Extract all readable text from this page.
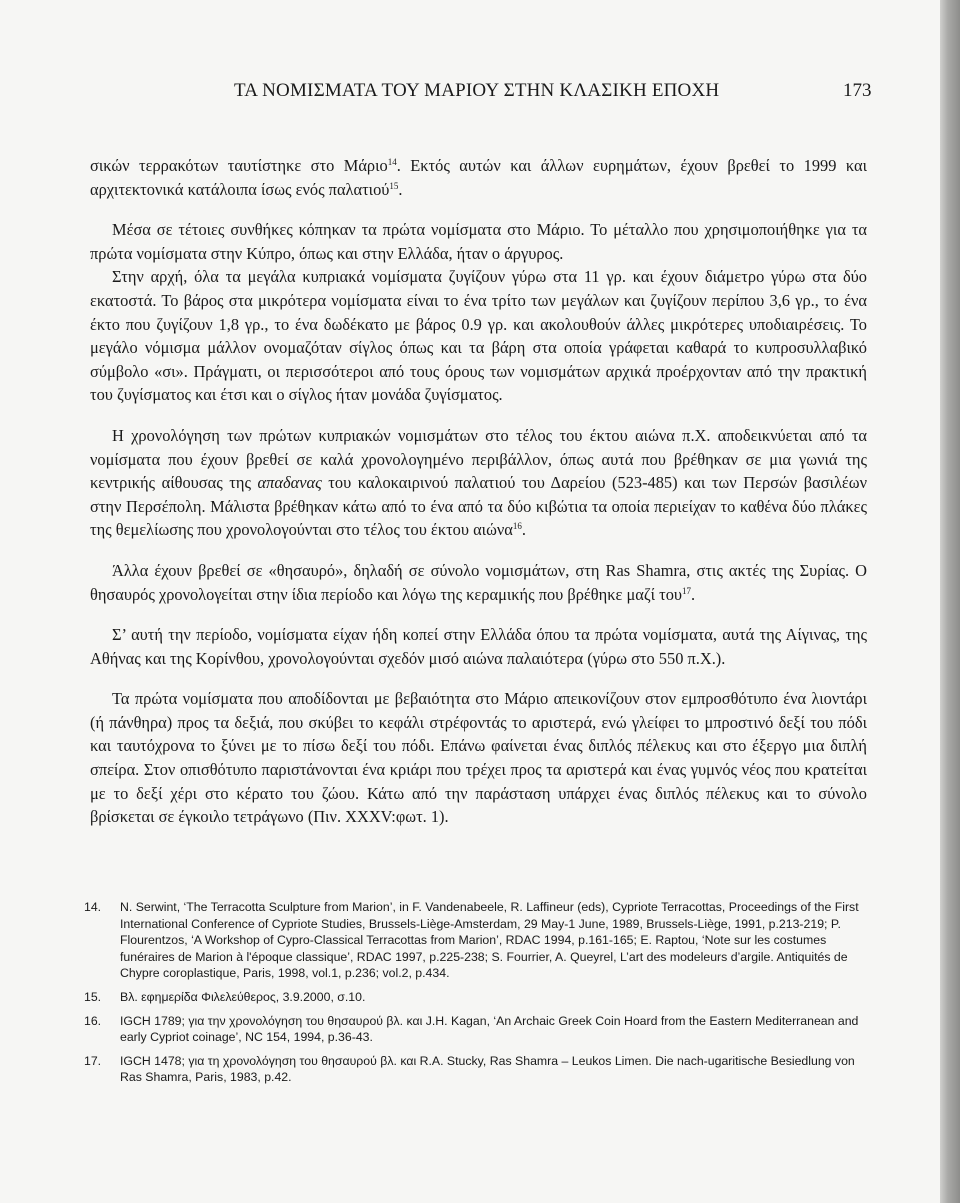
ΤΑ ΝΟΜΙΣΜΑΤΑ ΤΟΥ ΜΑΡΙΟΥ ΣΤΗΝ ΚΛΑΣΙΚΗ ΕΠΟΧΗ	173

σικών τερρακότων ταυτίστηκε στο Μάριο$^{14}$. Εκτός αυτών και άλλων ευρημάτων, έχουν βρεθεί το 1999 και αρχιτεκτονικά κατάλοιπα ίσως ενός παλατιού$^{15}$.

Μέσα σε τέτοιες συνθήκες κόπηκαν τα πρώτα νομίσματα στο Μάριο. Το μέταλλο που χρησιμοποιήθηκε για τα πρώτα νομίσματα στην Κύπρο, όπως και στην Ελλάδα, ήταν ο άργυρος.

Στην αρχή, όλα τα μεγάλα κυπριακά νομίσματα ζυγίζουν γύρω στα 11 γρ. και έχουν διάμετρο γύρω στα δύο εκατοστά. Το βάρος στα μικρότερα νομίσματα είναι το ένα τρίτο των μεγάλων και ζυγίζουν περίπου 3,6 γρ., το ένα έκτο που ζυγίζουν 1,8 γρ., το ένα δωδέκατο με βάρος 0.9 γρ. και ακολουθούν άλλες μικρότερες υποδιαιρέσεις. Το μεγάλο νόμισμα μάλλον ονομαζόταν σίγλος όπως και τα βάρη στα οποία γράφεται καθαρά το κυπροσυλλαβικό σύμβολο «σι». Πράγματι, οι περισσότεροι από τους όρους των νομισμάτων αρχικά προέρχονταν από την πρακτική του ζυγίσματος και έτσι και ο σίγλος ήταν μονάδα ζυγίσματος.

Η χρονολόγηση των πρώτων κυπριακών νομισμάτων στο τέλος του έκτου αιώνα π.Χ. αποδεικνύεται από τα νομίσματα που έχουν βρεθεί σε καλά χρονολογημένο περιβάλλον, όπως αυτά που βρέθηκαν σε μια γωνιά της κεντρικής αίθουσας της απαδανας του καλοκαιρινού παλατιού του Δαρείου (523-485) και των Περσών βασιλέων στην Περσέπολη. Μάλιστα βρέθηκαν κάτω από το ένα από τα δύο κιβώτια τα οποία περιείχαν το καθένα δύο πλάκες της θεμελίωσης που χρονολογούνται στο τέλος του έκτου αιώνα$^{16}$.

Άλλα έχουν βρεθεί σε «θησαυρό», δηλαδή σε σύνολο νομισμάτων, στη Ras Shamra, στις ακτές της Συρίας. Ο θησαυρός χρονολογείται στην ίδια περίοδο και λόγω της κεραμικής που βρέθηκε μαζί του$^{17}$.

Σ’ αυτή την περίοδο, νομίσματα είχαν ήδη κοπεί στην Ελλάδα όπου τα πρώτα νομίσματα, αυτά της Αίγινας, της Αθήνας και της Κορίνθου, χρονολογούνται σχεδόν μισό αιώνα παλαιότερα (γύρω στο 550 π.Χ.).

Τα πρώτα νομίσματα που αποδίδονται με βεβαιότητα στο Μάριο απεικονίζουν στον εμπροσθότυπο ένα λιοντάρι (ή πάνθηρα) προς τα δεξιά, που σκύβει το κεφάλι στρέφοντάς το αριστερά, ενώ γλείφει το μπροστινό δεξί του πόδι και ταυτόχρονα το ξύνει με το πίσω δεξί του πόδι. Επάνω φαίνεται ένας διπλός πέλεκυς και στο έξεργο μια διπλή σπείρα. Στον οπισθότυπο παριστάνονται ένα κριάρι που τρέχει προς τα αριστερά και ένας γυμνός νέος που κρατείται με το δεξί χέρι στο κέρατο του ζώου. Κάτω από την παράσταση υπάρχει ένας διπλός πέλεκυς και το σύνολο βρίσκεται σε έγκοιλο τετράγωνο (Πιν. XXXV:φωτ. 1).

14.	N. Serwint, ‘The Terracotta Sculpture from Marion’, in F. Vandenabeele, R. Laffineur (eds), Cypriote Terracottas, Proceedings of the First International Conference of Cypriote Studies, Brussels-Liège-Amsterdam, 29 May-1 June, 1989, Brussels-Liège, 1991, p.213-219; P. Flourentzos, ‘A Workshop of Cypro-Classical Terracottas from Marion’, RDAC 1994, p.161-165; E. Raptou, ‘Note sur les costumes funéraires de Marion à l'époque classique’, RDAC 1997, p.225-238; S. Fourrier, A. Queyrel, L’art des modeleurs d’argile. Antiquités de Chypre coroplastique, Paris, 1998, vol.1, p.236; vol.2, p.434.
15.	Βλ. εφημερίδα Φιλελεύθερος, 3.9.2000, σ.10.
16.	IGCH 1789; για την χρονολόγηση του θησαυρού βλ. και J.H. Kagan, ‘An Archaic Greek Coin Hoard from the Eastern Mediterranean and early Cypriot coinage’, NC 154, 1994, p.36-43.
17.	IGCH 1478; για τη χρονολόγηση του θησαυρού βλ. και R.A. Stucky, Ras Shamra – Leukos Limen. Die nach-ugaritische Besiedlung von Ras Shamra, Paris, 1983, p.42.
